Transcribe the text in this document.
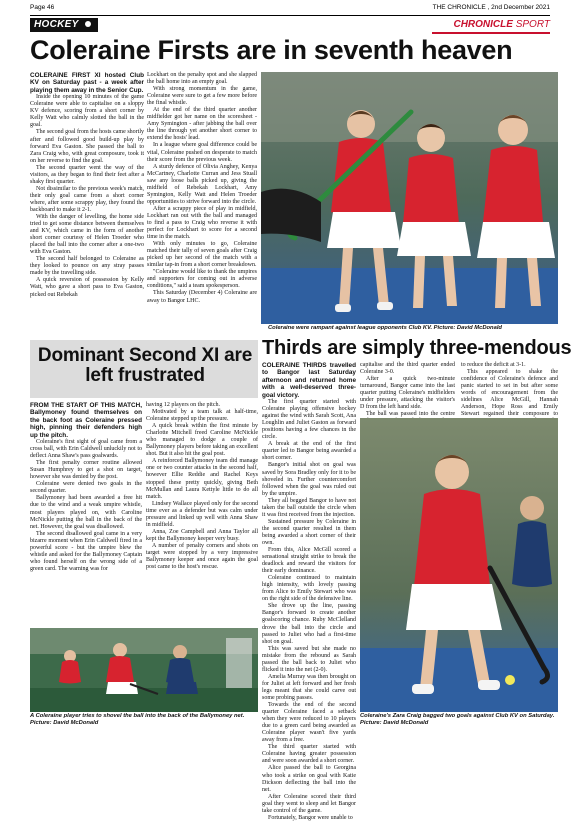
Page 46	THE CHRONICLE , 2nd December 2021
HOCKEY	CHRONICLE SPORT
Coleraine Firsts are in seventh heaven

COLERAINE FIRST XI hosted Club KV on Saturday past - a week after playing them away in the Senior Cup.

Inside the opening 10 minutes of the game Coleraine were able to capitalise on a sloppy KV defence, scoring from a short corner by Kelly Watt who calmly slotted the ball in the goal.

The second goal from the hosts came shortly after and followed good build-up play by forward Eva Gaston. She passed the ball to Zara Craig who, with great composure, took it on her reverse to find the goal.

The second quarter went the way of the visitors, as they began to find their feet after a shaky first quarter.

Not dissimilar to the previous week's match, their only goal came from a short corner where, after some scrappy play, they found the backboard to make it 2-1.

With the danger of levelling, the home side tried to get some distance between themselves and KV, which came in the form of another short corner courtesy of Helen Troeder who placed the ball into the corner after a one-two with Eva Gaston.

The second half belonged to Coleraine as they looked to pounce on any stray passes made by the travelling side.

A quick reversion of possession by Kelly Watt, who gave a short pass to Eva Gaston, picked out Rebekah

Lockhart on the penalty spot and she slapped the ball home into an empty goal.

With strong momentum in the game, Coleraine were sure to get a few more before the final whistle.

At the end of the third quarter another midfielder got her name on the scoresheet - Amy Symington - after jabbing the ball over the line through yet another short corner to extend the hosts' lead.

In a league where goal difference could be vital, Coleraine pushed on desperate to match their score from the previous week.

A sturdy defence of Olivia Anghey, Kenya McCartney, Charlotte Curran and Jess Stuall saw any loose balls picked up, giving the midfield of Rebekah Lockhart, Amy Symington, Kelly Watt and Helen Troeder opportunities to strive forward into the circle.

After a scrappy piece of play in midfield, Lockhart ran out with the ball and managed to find a pass to Craig who reverse it with perfect for Lockhart to score for a second time in the match.

With only minutes to go, Coleraine matched their tally of seven goals after Craig picked up her second of the match with a similar tap-in from a short corner breakdown.

"Coleraine would like to thank the umpires and supporters for coming out in adverse conditions," said a team spokesperson.

This Saturday (December 4) Coleraine are away to Bangor LHC.

Coleraine were rampant against league opponents Club KV. Picture: David McDonald
Dominant Second XI are left frustrated

FROM THE START OF THIS MATCH, Ballymoney found themselves on the back foot as Coleraine pressed high, pinning their defenders high up the pitch.

Coleraine's first sight of goal came from a cross ball, with Erin Caldwell unluckily not to deflect Anna Shaw's pass goalwards.

The first penalty corner routine allowed Susan Humphrey to get a shot on target, however she was denied by the post.

Coleraine were denied two goals in the second quarter.

Ballymoney had been awarded a free hit due to the wind and a weak umpire whistle, most players played on, with Caroline McNickle putting the ball in the back of the net. However, the goal was disallowed.

The second disallowed goal came in a very bizarre moment when Erin Caldwell fired in a powerful score - but the umpire blew the whistle and asked for the Ballymoney Captain who found herself on the wrong side of a green card. The warning was for

having 12 players on the pitch.

Motivated by a team talk at half-time, Coleraine stepped up the pressure.

A quick break within the first minute by Charlotte Mitchell freed Caroline McNickle who managed to dodge a couple of Ballymoney players before taking an excellent shot. But it also hit the goal post.

A reinforced Ballymoney team did manage one or two counter attacks in the second half, however Ellie Reddie and Rachel Keys stopped these pretty quickly, giving Beth McMullan and Laura Kettyle little to do all match.

Lindsey Wallace played only for the second time ever as a defender but was calm under pressure and linked up well with Anna Shaw in midfield.

Anna, Zoe Campbell and Anna Taylor all kept the Ballymoney keeper very busy.

A number of penalty corners and shots on target were stopped by a very impressive Ballymoney keeper and once again the goal post came to the host's rescue.

A Coleraine player tries to shovel the ball into the back of the Ballymoney net. Picture: David McDonald
Thirds are simply three-mendous

COLERAINE THIRDS travelled to Bangor last Saturday afternoon and returned home with a well-deserved three-goal victory.

The first quarter started with Coleraine playing offensive hockey against the wind with Sarah Scott, Ana Loughlin and Juliet Gaston as forward positions having a few chances in the circle.

A break at the end of the first quarter led to Bangor being awarded a short corner.

Bangor's initial shot on goal was saved by Sora Bradley only for it to be shoveled in. Further countercomfort followed when the goal was ruled out by the umpire.

They all begged Bangor to have not taken the ball outside the circle when it was first received from the injection.

Sustained pressure by Coleraine in the second quarter resulted in them being awarded a short corner of their own.

From this, Alice McGill scored a sensational straight strike to break the deadlock and reward the visitors for their early dominance.

Coleraine continued to maintain high intensity, with lovely passing from Alice to Emily Stewart who was on the right side of the defensive line.

She drove up the line, passing Bangor's forward to create another goalscoring chance. Ruby McClelland drove the ball into the circle and passed to Juliet who had a first-time shot on goal.

This was saved but she made no mistake from the rebound as Sarah passed the ball back to Juliet who flicked it into the net (2-0).

Amelia Murray was then brought on for Juliet at left forward and her fresh legs meant that she could carve out some probing passes.

Towards the end of the second quarter Coleraine faced a setback when they were reduced to 10 players due to a green card being awarded as Coleraine player wasn't five yards away from a free.

The third quarter started with Coleraine having greater possession and were soon awarded a short corner.

Alice passed the ball to Georgina who took a strike on goal with Katie Dickson deflecting the ball into the net.

After Coleraine scored their third goal they went to sleep and let Bangor take control of the game.

Fortunately, Bangor were unable to

capitalise and the third quarter ended Coleraine 3-0.

After a quick two-minute turnaround, Bangor came into the last quarter putting Coleraine's midfielders under pressure, attacking the visitor's D from the left hand side.

The ball was passed into the centre

to reduce the deficit at 3-1.

This appeared to shake the confidence of Coleraine's defence and panic started to set in but after some words of encouragement from the sidelines Alice McGill, Hannah Anderson, Hope Ross and Emily Stewart regained their composure to

Coleraine's Zara Craig bagged two goals against Club KV on Saturday. Picture: David McDonald
